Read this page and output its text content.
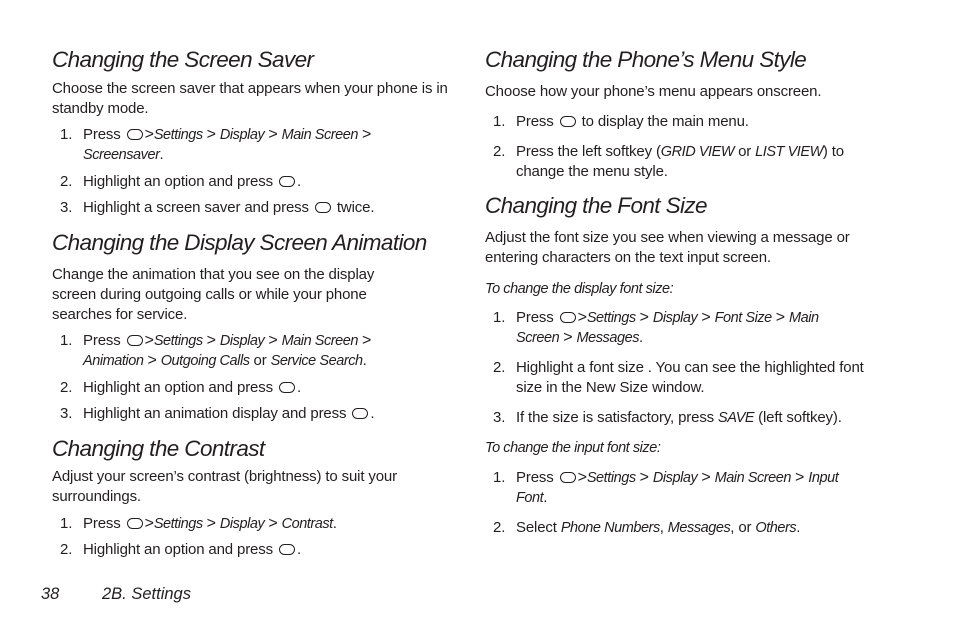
Changing the Screen Saver

Choose the screen saver that appears when your phone is in standby mode.

1. Press >Settings > Display > Main Screen > Screensaver.
2. Highlight an option and press .
3. Highlight a screen saver and press  twice.
Changing the Display Screen Animation

Change the animation that you see on the display screen during outgoing calls or while your phone searches for service.

1. Press >Settings > Display > Main Screen > Animation > Outgoing Calls or Service Search.
2. Highlight an option and press .
3. Highlight an animation display and press .
Changing the Contrast

Adjust your screen’s contrast (brightness) to suit your surroundings.

1. Press >Settings > Display > Contrast.
2. Highlight an option and press .
Changing the Phone’s Menu Style

Choose how your phone’s menu appears onscreen.

1. Press  to display the main menu.
2. Press the left softkey (GRID VIEW or LIST VIEW) to change the menu style.
Changing the Font Size

Adjust the font size you see when viewing a message or entering characters on the text input screen.

To change the display font size:

1. Press >Settings > Display > Font Size > Main Screen > Messages.
2. Highlight a font size . You can see the highlighted font size in the New Size window.
3. If the size is satisfactory, press SAVE (left softkey).

To change the input font size:

1. Press >Settings > Display > Main Screen > Input Font.
2. Select Phone Numbers, Messages, or Others.
38	2B. Settings
